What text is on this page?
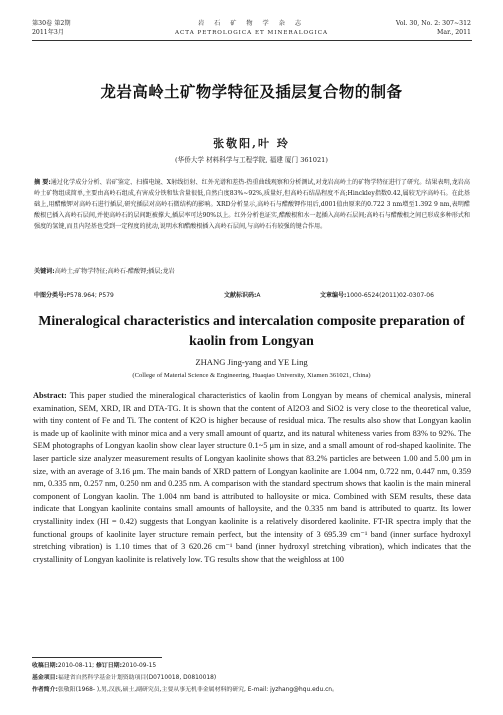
第30卷 第2期
2011年3月
岩 石 矿 物 学 杂 志
ACTA PETROLOGICA ET MINERALOGICA
Vol. 30, No. 2: 307~312
Mar., 2011
龙岩高岭土矿物学特征及插层复合物的制备
张敬阳,叶 玲
(华侨大学 材料科学与工程学院, 福建 厦门 361021)
摘 要:通过化学成分分析、岩矿鉴定、扫描电镜、X射线衍射、红外光谱和差热-热重曲线观察和分析测试,对龙岩高岭土的矿物学特征进行了研究。结果表明,龙岩高岭土矿物组成简单,主要由高岭石组成,有害成分铁和钛含量很低,自然白度83%~92%,质量好,但高岭石结晶程度不高;Hinckley指数0.42,属较无序高岭石。在此基础上,用醋酸钾对高岭石进行插层,研究插层对高岭石微结构的影响。XRD分析显示,高岭石与醋酸钾作用后,d001值由原来的0.722 3 nm增至1.392 9 nm,表明醋酸根已插入高岭石层间,并使高岭石的层间距被撑大,插层率可达90%以上。红外分析也证实,醋酸根和水一起插入高岭石层间;高岭石与醋酸根之间已形成多种形式和强度的氢键,而且内羟基也受到一定程度的扰动,说明水和醋酸根插入高岭石层间,与高岭石有较强的键合作用。
关键词:高岭土;矿物学特征;高岭石-醋酸钾;插层;龙岩
中图分类号:P578.964; P579	文献标识码:A	文章编号:1000-6524(2011)02-0307-06
Mineralogical characteristics and intercalation composite preparation of kaolin from Longyan
ZHANG Jing-yang and YE Ling
(College of Material Science & Engineering, Huaqiao University, Xiamen 361021, China)
Abstract: This paper studied the mineralogical characteristics of kaolin from Longyan by means of chemical analysis, mineral examination, SEM, XRD, IR and DTA-TG. It is shown that the content of Al2O3 and SiO2 is very close to the theoretical value, with tiny content of Fe and Ti. The content of K2O is higher because of residual mica. The results also show that Longyan kaolin is made up of kaolinite with minor mica and a very small amount of quartz, and its natural whiteness varies from 83% to 92%. The SEM photographs of Longyan kaolin show clear layer structure 0.1~5 μm in size, and a small amount of rod-shaped kaolinite. The laser particle size analyzer measurement results of Longyan kaolinite shows that 83.2% particles are between 1.00 and 5.00 μm in size, with an average of 3.16 μm. The main bands of XRD pattern of Longyan kaolinite are 1.004 nm, 0.722 nm, 0.447 nm, 0.359 nm, 0.335 nm, 0.257 nm, 0.250 nm and 0.235 nm. A comparison with the standard spectrum shows that kaolin is the main mineral component of Longyan kaolin. The 1.004 nm band is attributed to halloysite or mica. Combined with SEM results, these data indicate that Longyan kaolinite contains small amounts of halloysite, and the 0.335 nm band is attributed to quartz. Its lower crystallinity index (HI = 0.42) suggests that Longyan kaolinite is a relatively disordered kaolinite. FT-IR spectra imply that the functional groups of kaolinite layer structure remain perfect, but the intensity of 3 695.39 cm⁻¹ band (inner surface hydroxyl stretching vibration) is 1.10 times that of 3 620.26 cm⁻¹ band (inner hydroxyl stretching vibration), which indicates that the crystallinity of Longyan kaolinite is relatively low. TG results show that the weighloss at 100
收稿日期:2010-08-11; 修订日期:2010-09-15
基金项目:福建省自然科学基金计划资助项目(D0710018, D0810018)
作者简介:张敬阳(1968- ),男,汉族,硕士,副研究员,主要从事无机非金属材料的研究, E-mail: jyzhang@hqu.edu.cn。
